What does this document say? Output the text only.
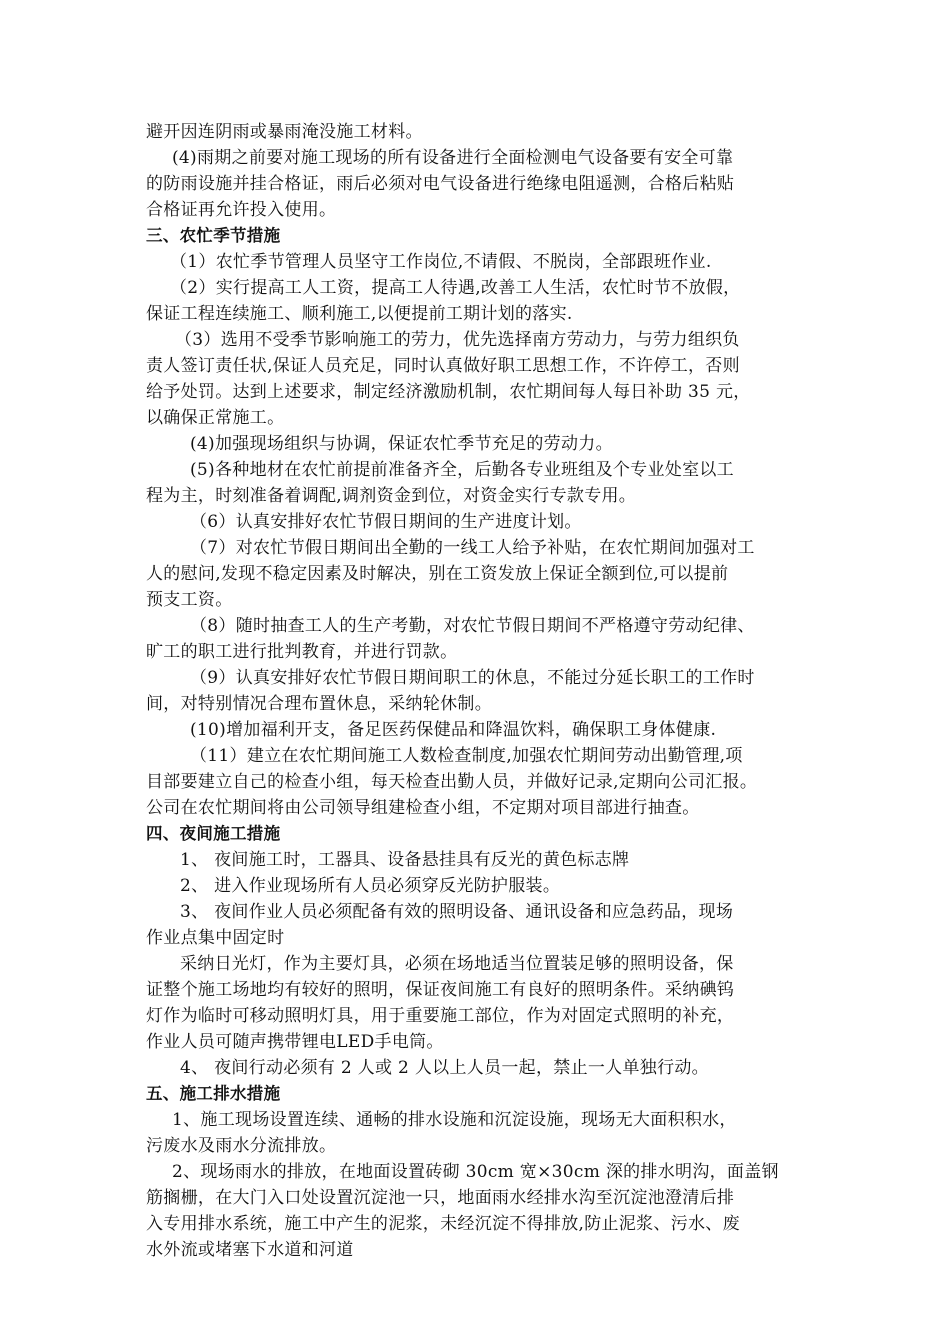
避开因连阴雨或暴雨淹没施工材料。
(4)雨期之前要对施工现场的所有设备进行全面检测电气设备要有安全可靠
的防雨设施并挂合格证，雨后必须对电气设备进行绝缘电阻遥测，合格后粘贴
合格证再允许投入使用。
三、农忙季节措施
（1）农忙季节管理人员坚守工作岗位,不请假、不脱岗，全部跟班作业.
（2）实行提高工人工资，提高工人待遇,改善工人生活，农忙时节不放假，
保证工程连续施工、顺利施工,以便提前工期计划的落实.
（3）选用不受季节影响施工的劳力，优先选择南方劳动力，与劳力组织负
责人签订责任状,保证人员充足，同时认真做好职工思想工作，不许停工，否则
给予处罚。达到上述要求，制定经济激励机制，农忙期间每人每日补助 35 元，
以确保正常施工。
(4)加强现场组织与协调，保证农忙季节充足的劳动力。
(5)各种地材在农忙前提前准备齐全，后勤各专业班组及个专业处室以工
程为主，时刻准备着调配,调剂资金到位，对资金实行专款专用。
（6）认真安排好农忙节假日期间的生产进度计划。
（7）对农忙节假日期间出全勤的一线工人给予补贴，在农忙期间加强对工
人的慰问,发现不稳定因素及时解决，别在工资发放上保证全额到位,可以提前
预支工资。
（8）随时抽查工人的生产考勤，对农忙节假日期间不严格遵守劳动纪律、
旷工的职工进行批判教育，并进行罚款。
（9）认真安排好农忙节假日期间职工的休息，不能过分延长职工的工作时
间，对特别情况合理布置休息，采纳轮休制。
(10)增加福利开支，备足医药保健品和降温饮料，确保职工身体健康.
（11）建立在农忙期间施工人数检查制度,加强农忙期间劳动出勤管理,项
目部要建立自己的检查小组，每天检查出勤人员，并做好记录,定期向公司汇报。
公司在农忙期间将由公司领导组建检查小组，不定期对项目部进行抽查。
四、夜间施工措施
1、 夜间施工时，工器具、设备悬挂具有反光的黄色标志牌
2、 进入作业现场所有人员必须穿反光防护服装。
3、 夜间作业人员必须配备有效的照明设备、通讯设备和应急药品，现场
作业点集中固定时
采纳日光灯，作为主要灯具，必须在场地适当位置装足够的照明设备，保
证整个施工场地均有较好的照明，保证夜间施工有良好的照明条件。采纳碘钨
灯作为临时可移动照明灯具，用于重要施工部位，作为对固定式照明的补充，
作业人员可随声携带锂电LED手电筒。
4、 夜间行动必须有 2 人或 2 人以上人员一起，禁止一人单独行动。
五、施工排水措施
1、施工现场设置连续、通畅的排水设施和沉淀设施，现场无大面积积水，
污废水及雨水分流排放。
2、现场雨水的排放，在地面设置砖砌 30cm 宽×30cm 深的排水明沟，面盖钢
筋搁栅，在大门入口处设置沉淀池一只，地面雨水经排水沟至沉淀池澄清后排
入专用排水系统，施工中产生的泥浆，未经沉淀不得排放,防止泥浆、污水、废
水外流或堵塞下水道和河道
